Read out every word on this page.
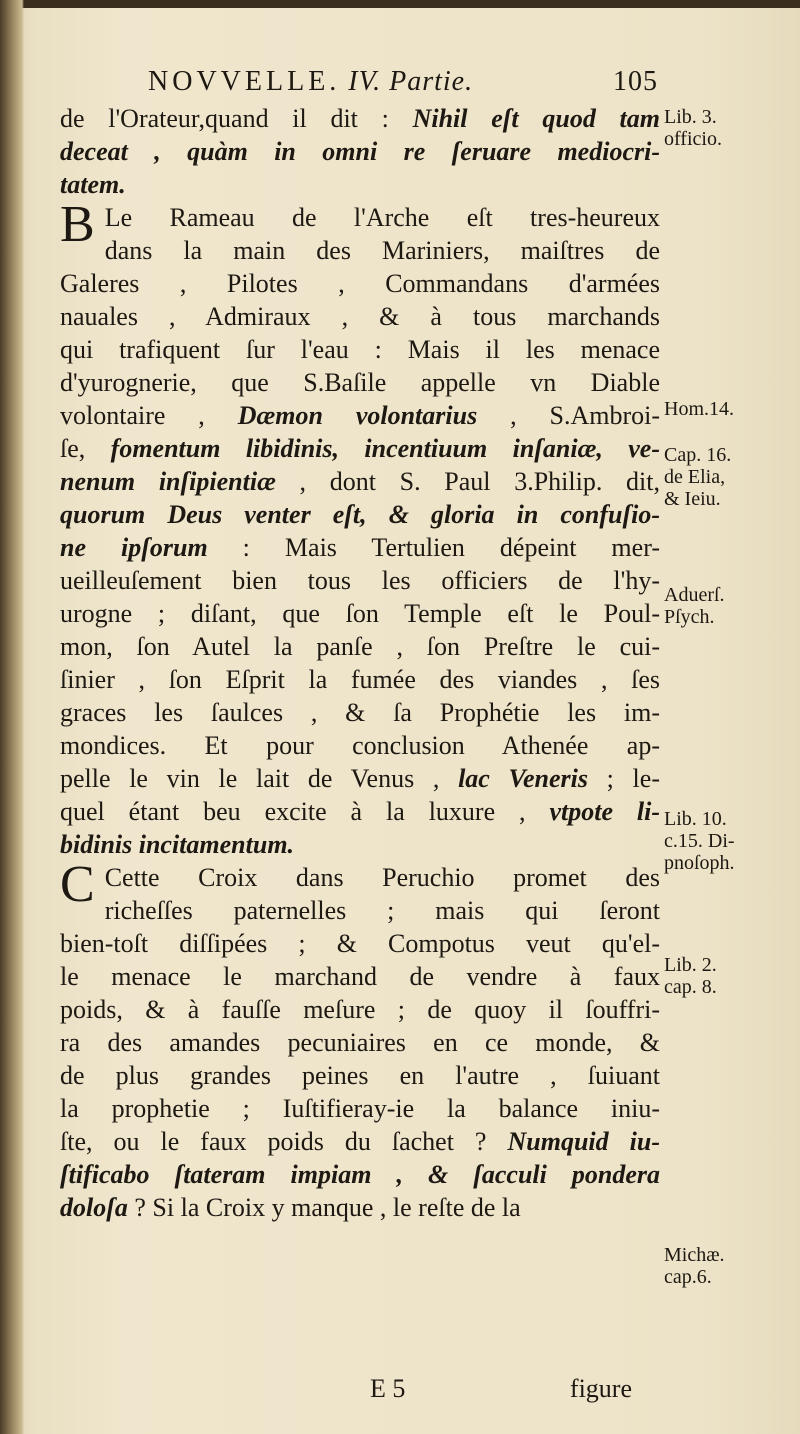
NOVVELLE. IV. Partie.	105
de l'Orateur,quand il dit : Nihil eſt quod tam
deceat , quàm in omni re ſeruare mediocri-
tatem.
B Le Rameau de l'Arche eſt tres-heureux
dans la main des Mariniers, maiſtres de
Galeres , Pilotes , Commandans d'armées
nauales , Admiraux , & à tous marchands
qui trafiquent ſur l'eau : Mais il les menace
d'yurognerie, que S.Baſile appelle vn Diable
volontaire , Dæmon volontarius , S.Ambroi-
ſe, fomentum libidinis, incentiuum inſaniæ, ve-
nenum inſipientiæ , dont S. Paul 3.Philip. dit,
quorum Deus venter eſt, & gloria in confuſio-
ne ipſorum : Mais Tertulien dépeint mer-
ueilleuſement bien tous les officiers de l'hy-
urogne ; diſant, que ſon Temple eſt le Poul-
mon, ſon Autel la panſe , ſon Preſtre le cui-
ſinier , ſon Eſprit la fumée des viandes , ſes
graces les ſaulces , & ſa Prophétie les im-
mondices. Et pour conclusion Athenée ap-
pelle le vin le lait de Venus , lac Veneris ; le-
quel étant beu excite à la luxure , vtpote li-
bidinis incitamentum.
C Cette Croix dans Peruchio promet des
richeſſes paternelles ; mais qui ſeront
bien-toſt diſſipées ; & Compotus veut qu'el-
le menace le marchand de vendre à faux
poids, & à fauſſe meſure ; de quoy il ſouffri-
ra des amandes pecuniaires en ce monde, &
de plus grandes peines en l'autre , ſuiuant
la prophetie ; Iuſtifieray-ie la balance iniu-
ſte, ou le faux poids du ſachet ? Numquid iu-
ſtificabo ſtateram impiam , & ſacculi pondera
doloſa ? Si la Croix y manque , le reſte de la
Lib. 3.
officio.
Hom.14.
Cap. 16.
de Elia,
& Ieiu.
Aduerſ.
Pſych.
Lib. 10.
c.15. Di-
pnoſoph.
Lib. 2.
cap. 8.
Michæ.
cap.6.
E 5	figure
